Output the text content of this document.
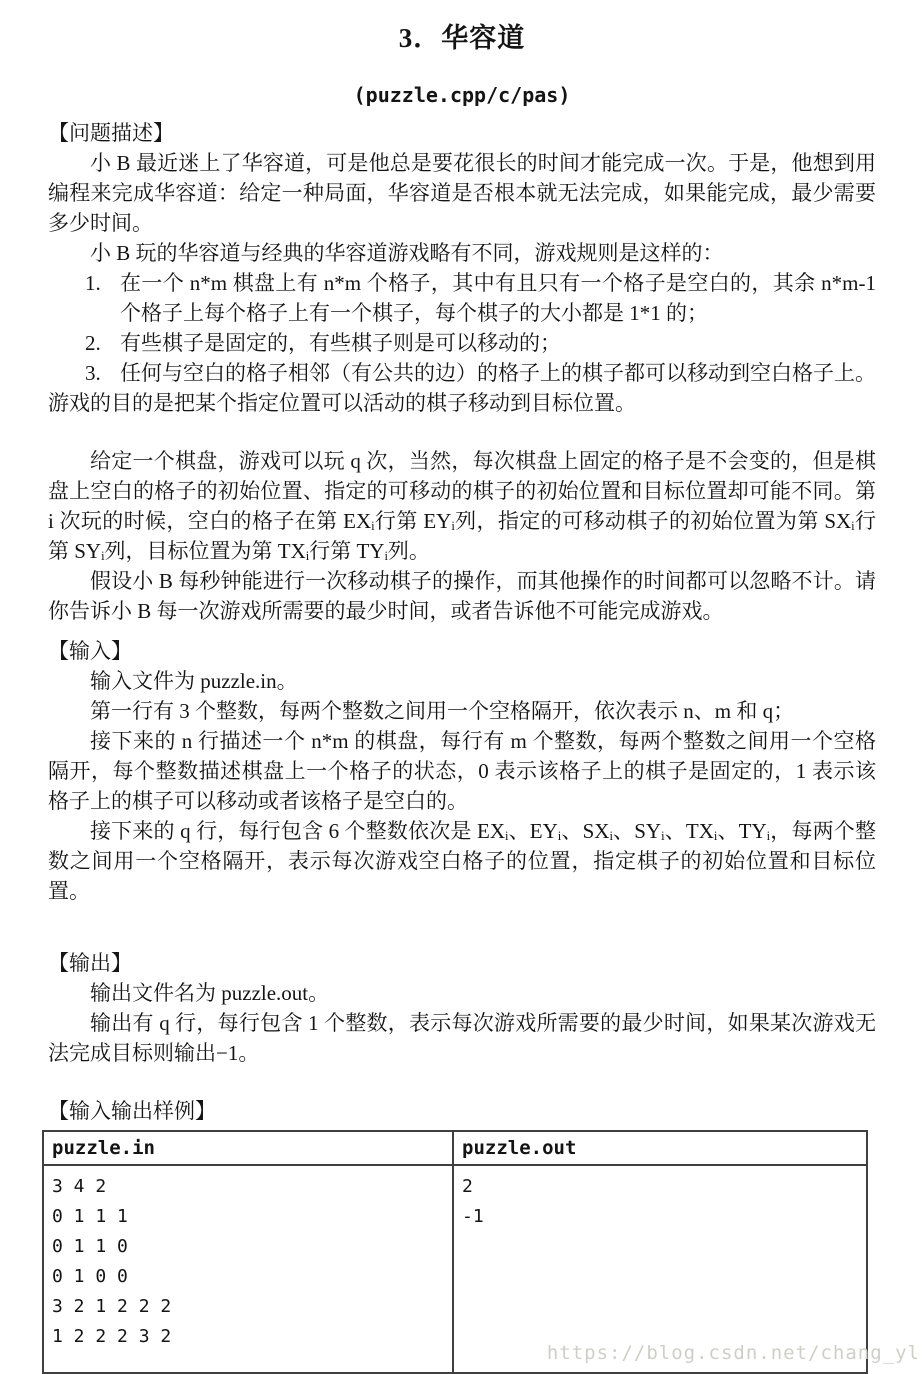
3．华容道
(puzzle.cpp/c/pas)
【问题描述】

小 B 最近迷上了华容道，可是他总是要花很长的时间才能完成一次。于是，他想到用编程来完成华容道：给定一种局面，华容道是否根本就无法完成，如果能完成，最少需要多少时间。

小 B 玩的华容道与经典的华容道游戏略有不同，游戏规则是这样的：

1. 在一个 n*m 棋盘上有 n*m 个格子，其中有且只有一个格子是空白的，其余 n*m-1 个格子上每个格子上有一个棋子，每个棋子的大小都是 1*1 的；
2. 有些棋子是固定的，有些棋子则是可以移动的；
3. 任何与空白的格子相邻（有公共的边）的格子上的棋子都可以移动到空白格子上。

游戏的目的是把某个指定位置可以活动的棋子移动到目标位置。

给定一个棋盘，游戏可以玩 q 次，当然，每次棋盘上固定的格子是不会变的，但是棋盘上空白的格子的初始位置、指定的可移动的棋子的初始位置和目标位置却可能不同。第 i 次玩的时候，空白的格子在第 EXᵢ行第 EYᵢ列，指定的可移动棋子的初始位置为第 SXᵢ行第 SYᵢ列，目标位置为第 TXᵢ行第 TYᵢ列。

假设小 B 每秒钟能进行一次移动棋子的操作，而其他操作的时间都可以忽略不计。请你告诉小 B 每一次游戏所需要的最少时间，或者告诉他不可能完成游戏。

【输入】

输入文件为 puzzle.in。

第一行有 3 个整数，每两个整数之间用一个空格隔开，依次表示 n、m 和 q；

接下来的 n 行描述一个 n*m 的棋盘，每行有 m 个整数，每两个整数之间用一个空格隔开，每个整数描述棋盘上一个格子的状态，0 表示该格子上的棋子是固定的，1 表示该格子上的棋子可以移动或者该格子是空白的。

接下来的 q 行，每行包含 6 个整数依次是 EXᵢ、EYᵢ、SXᵢ、SYᵢ、TXᵢ、TYᵢ，每两个整数之间用一个空格隔开，表示每次游戏空白格子的位置，指定棋子的初始位置和目标位置。

【输出】

输出文件名为 puzzle.out。

输出有 q 行，每行包含 1 个整数，表示每次游戏所需要的最少时间，如果某次游戏无法完成目标则输出−1。

【输入输出样例】
puzzle.in	puzzle.out
3 4 2
0 1 1 1
0 1 1 0
0 1 0 0
3 2 1 2 2 2
1 2 2 2 3 2
2
-1
https://blog.csdn.net/chang_yl
